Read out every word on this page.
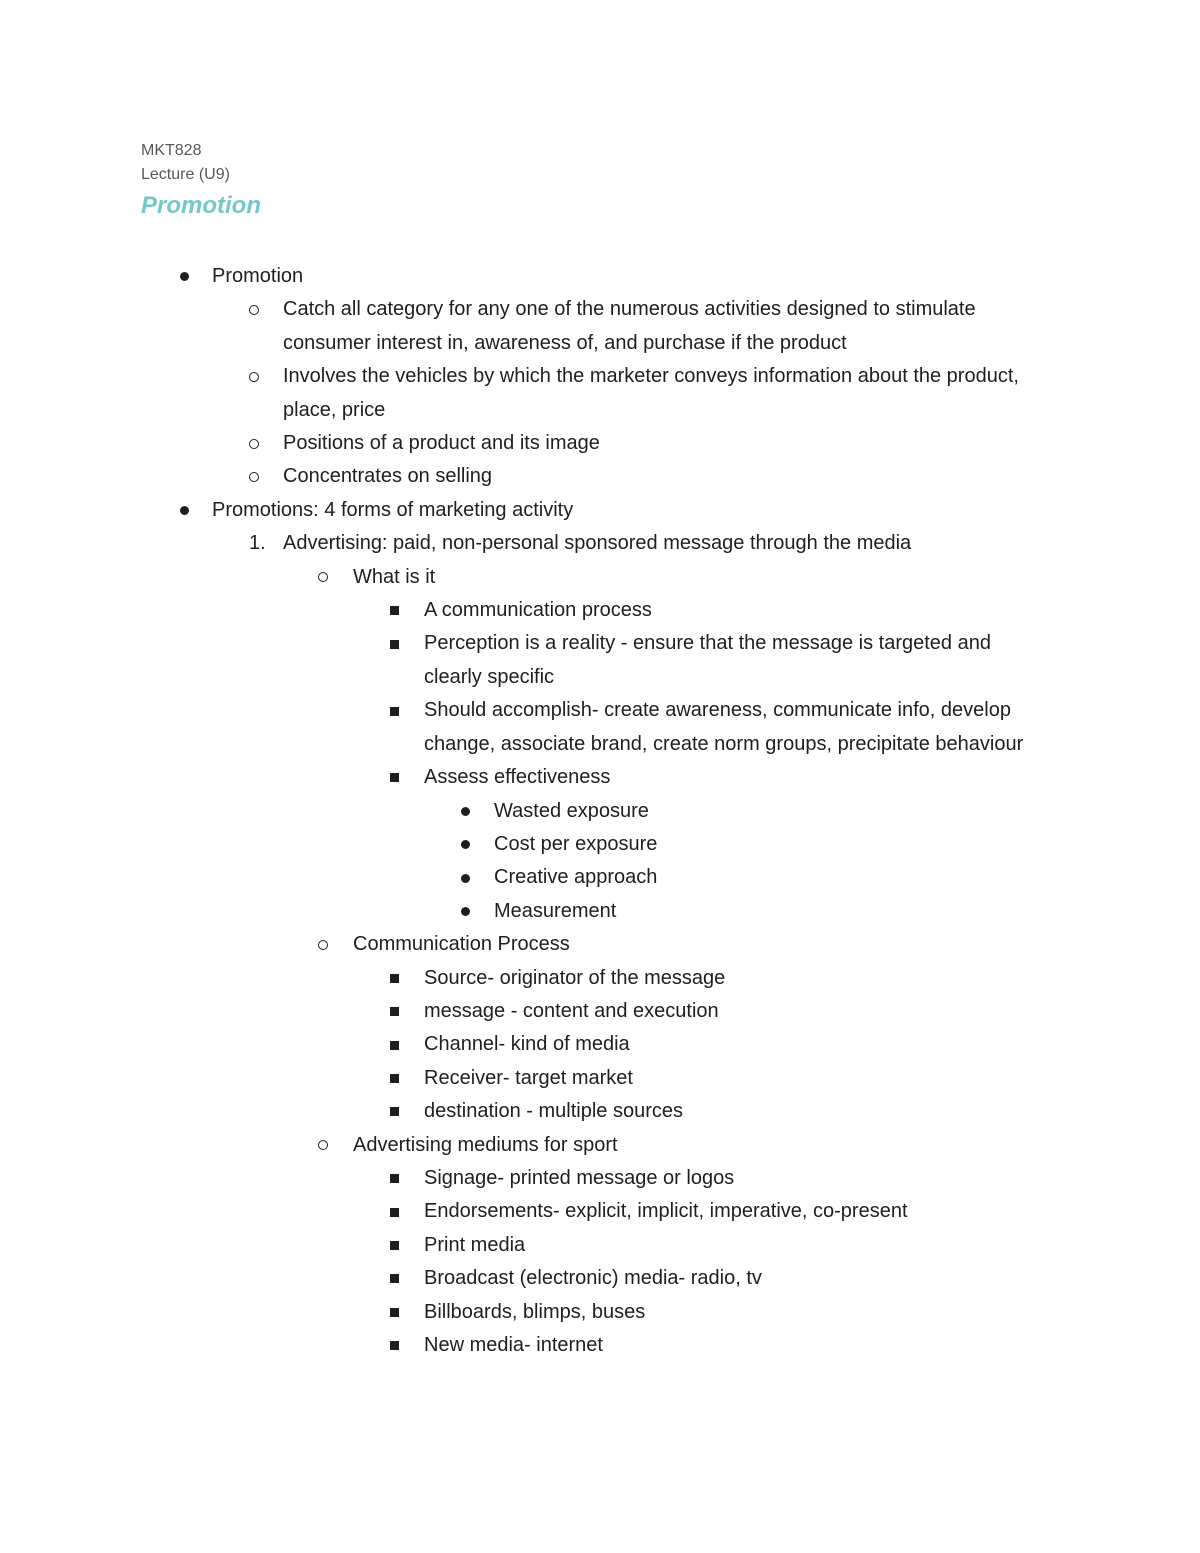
MKT828
Lecture (U9)
Promotion
Promotion
Catch all category for any one of the numerous activities designed to stimulate consumer interest in, awareness of, and purchase if the product
Involves the vehicles by which the marketer conveys information about the product, place, price
Positions of a product and its image
Concentrates on selling
Promotions: 4 forms of marketing activity
1. Advertising: paid, non-personal sponsored message through the media
What is it
A communication process
Perception is a reality - ensure that the message is targeted and clearly specific
Should accomplish- create awareness, communicate info, develop change, associate brand, create norm groups, precipitate behaviour
Assess effectiveness
Wasted exposure
Cost per exposure
Creative approach
Measurement
Communication Process
Source- originator of the message
message - content and execution
Channel- kind of media
Receiver- target market
destination - multiple sources
Advertising mediums for sport
Signage- printed message or logos
Endorsements- explicit, implicit, imperative, co-present
Print media
Broadcast (electronic) media- radio, tv
Billboards, blimps, buses
New media- internet
